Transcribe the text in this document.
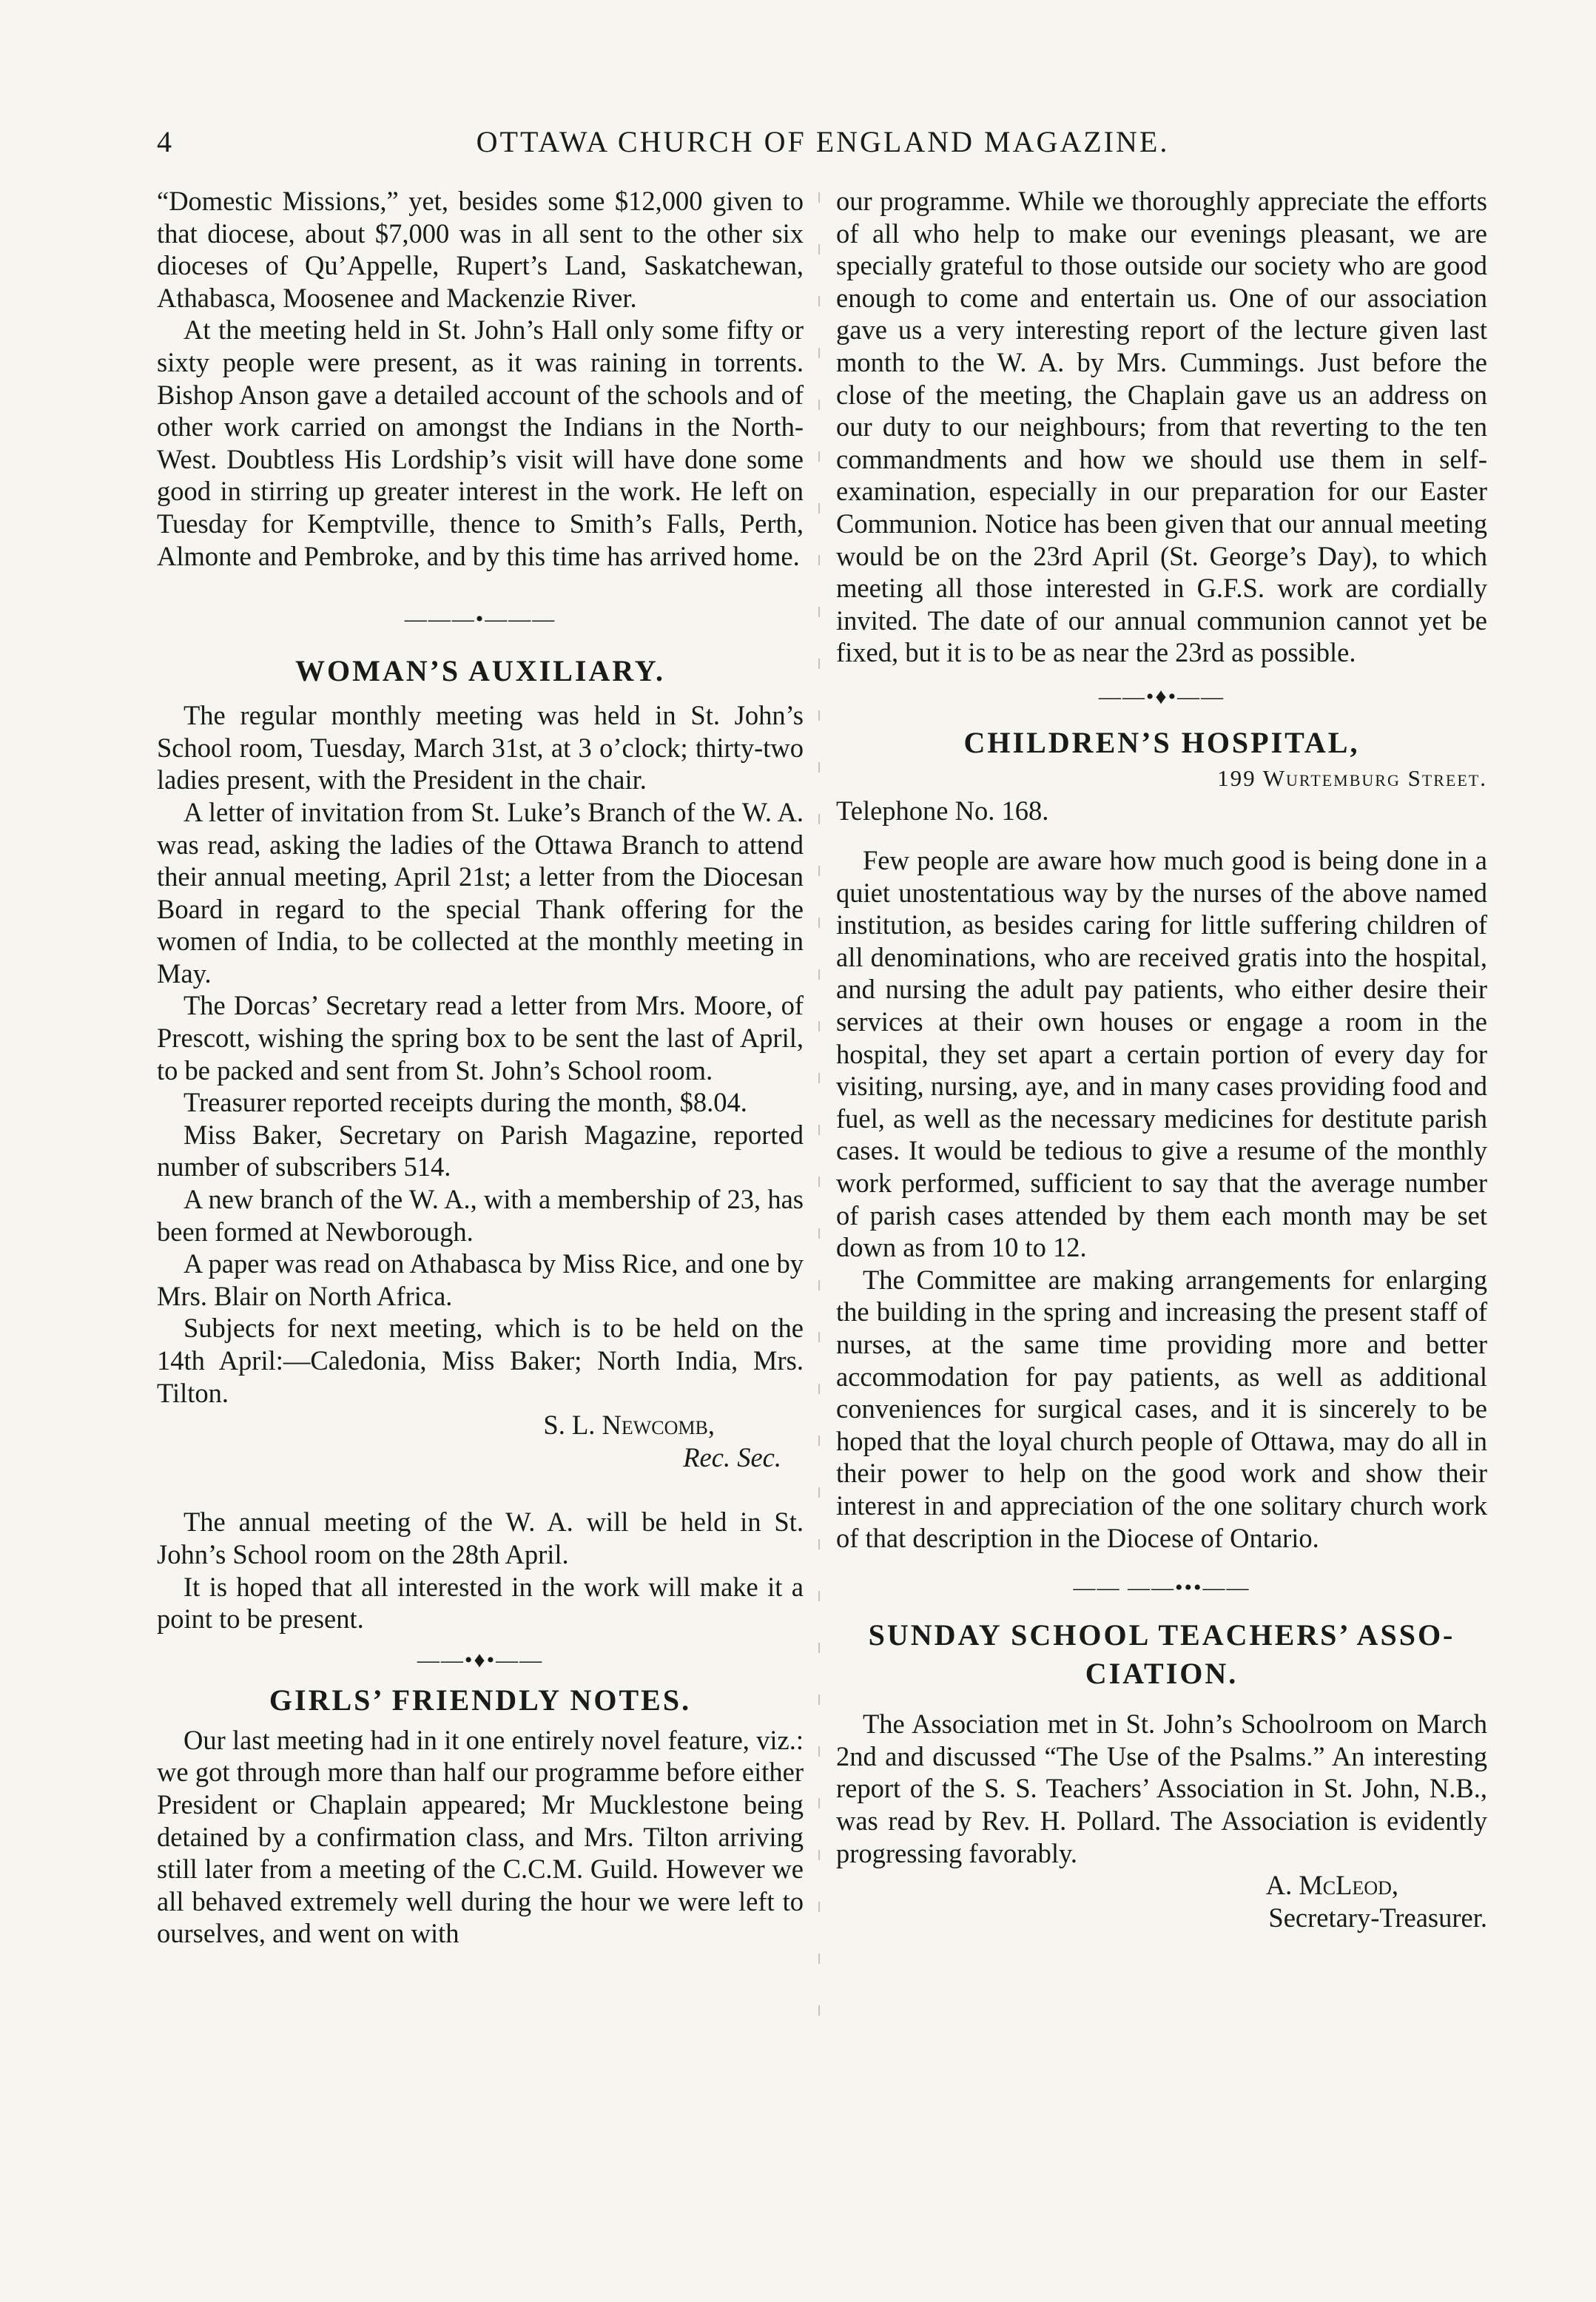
4	OTTAWA CHURCH OF ENGLAND MAGAZINE.

“Domestic Missions,” yet, besides some $12,000 given to that diocese, about $7,000 was in all sent to the other six dioceses of Qu’Appelle, Rupert’s Land, Saskatchewan, Athabasca, Moosenee and Mackenzie River.

At the meeting held in St. John’s Hall only some fifty or sixty people were present, as it was raining in torrents. Bishop Anson gave a detailed account of the schools and of other work carried on amongst the Indians in the North-West. Doubtless His Lordship’s visit will have done some good in stirring up greater interest in the work. He left on Tuesday for Kemptville, thence to Smith’s Falls, Perth, Almonte and Pembroke, and by this time has arrived home.

———•———
WOMAN’S AUXILIARY.

The regular monthly meeting was held in St. John’s School room, Tuesday, March 31st, at 3 o’clock; thirty-two ladies present, with the President in the chair.

A letter of invitation from St. Luke’s Branch of the W. A. was read, asking the ladies of the Ottawa Branch to attend their annual meeting, April 21st; a letter from the Diocesan Board in regard to the special Thank offering for the women of India, to be collected at the monthly meeting in May.

The Dorcas’ Secretary read a letter from Mrs. Moore, of Prescott, wishing the spring box to be sent the last of April, to be packed and sent from St. John’s School room.

Treasurer reported receipts during the month, $8.04.

Miss Baker, Secretary on Parish Magazine, reported number of subscribers 514.

A new branch of the W. A., with a membership of 23, has been formed at Newborough.

A paper was read on Athabasca by Miss Rice, and one by Mrs. Blair on North Africa.

Subjects for next meeting, which is to be held on the 14th April:—Caledonia, Miss Baker; North India, Mrs. Tilton.

S. L. Newcomb,
Rec. Sec.

The annual meeting of the W. A. will be held in St. John’s School room on the 28th April.

It is hoped that all interested in the work will make it a point to be present.

——•♦•——
GIRLS’ FRIENDLY NOTES.

Our last meeting had in it one entirely novel feature, viz.: we got through more than half our programme before either President or Chaplain appeared; Mr Mucklestone being detained by a confirmation class, and Mrs. Tilton arriving still later from a meeting of the C.C.M. Guild. However we all behaved extremely well during the hour we were left to ourselves, and went on with

our programme. While we thoroughly appreciate the efforts of all who help to make our evenings pleasant, we are specially grateful to those outside our society who are good enough to come and entertain us. One of our association gave us a very interesting report of the lecture given last month to the W. A. by Mrs. Cummings. Just before the close of the meeting, the Chaplain gave us an address on our duty to our neighbours; from that reverting to the ten commandments and how we should use them in self-examination, especially in our preparation for our Easter Communion. Notice has been given that our annual meeting would be on the 23rd April (St. George’s Day), to which meeting all those interested in G.F.S. work are cordially invited. The date of our annual communion cannot yet be fixed, but it is to be as near the 23rd as possible.

——•♦•——
CHILDREN’S HOSPITAL,
199 Wurtemburg Street.

Telephone No. 168.

Few people are aware how much good is being done in a quiet unostentatious way by the nurses of the above named institution, as besides caring for little suffering children of all denominations, who are received gratis into the hospital, and nursing the adult pay patients, who either desire their services at their own houses or engage a room in the hospital, they set apart a certain portion of every day for visiting, nursing, aye, and in many cases providing food and fuel, as well as the necessary medicines for destitute parish cases. It would be tedious to give a resume of the monthly work performed, sufficient to say that the average number of parish cases attended by them each month may be set down as from 10 to 12.

The Committee are making arrangements for enlarging the building in the spring and increasing the present staff of nurses, at the same time providing more and better accommodation for pay patients, as well as additional conveniences for surgical cases, and it is sincerely to be hoped that the loyal church people of Ottawa, may do all in their power to help on the good work and show their interest in and appreciation of the one solitary church work of that description in the Diocese of Ontario.

—— ——•••——
SUNDAY SCHOOL TEACHERS’ ASSO-
CIATION.

The Association met in St. John’s Schoolroom on March 2nd and discussed “The Use of the Psalms.” An interesting report of the S. S. Teachers’ Association in St. John, N.B., was read by Rev. H. Pollard. The Association is evidently progressing favorably.

A. McLeod,
Secretary-Treasurer.
